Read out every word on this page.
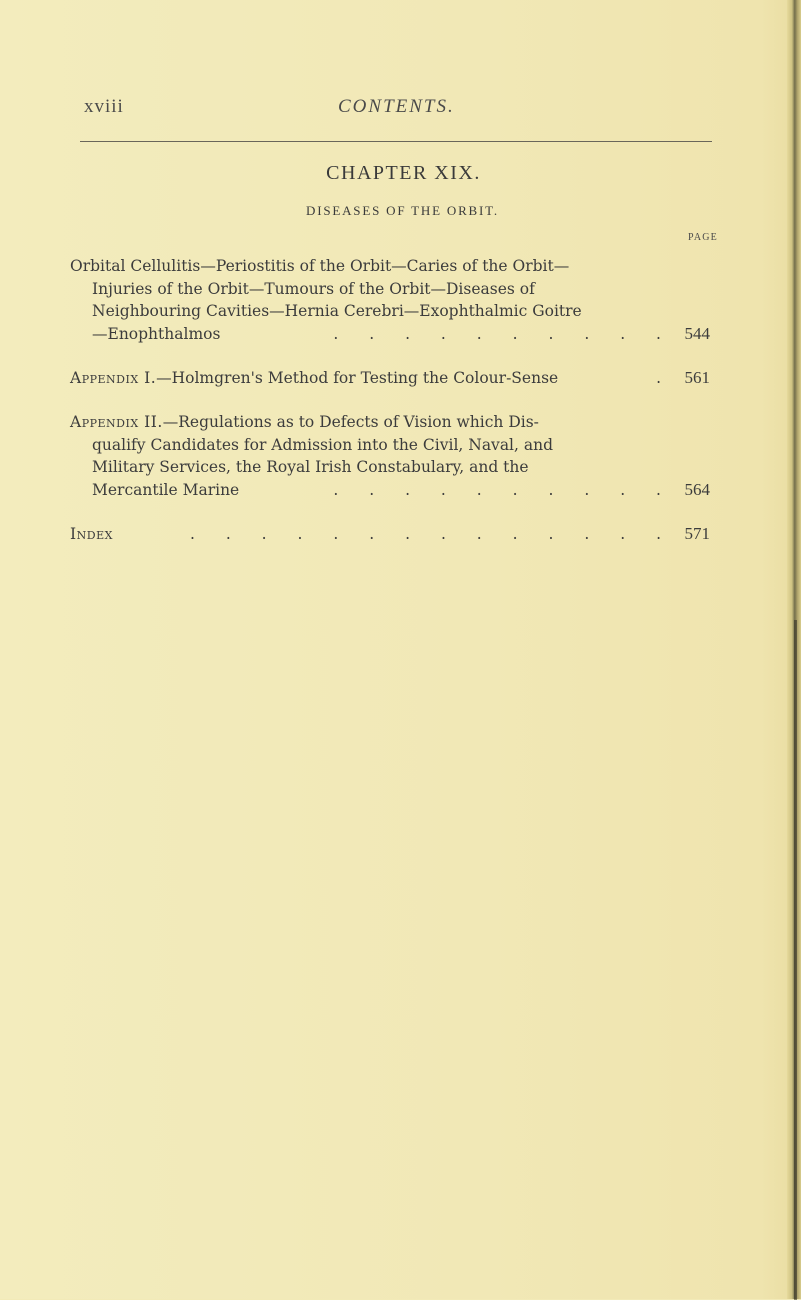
xviii	CONTENTS.
CHAPTER XIX.
DISEASES OF THE ORBIT.
PAGE
Orbital Cellulitis—Periostitis of the Orbit—Caries of the Orbit—
Injuries of the Orbit—Tumours of the Orbit—Diseases of
Neighbouring Cavities—Hernia Cerebri—Exophthalmic Goitre
—Enophthalmos	. . . . . . . . . . 544
Appendix I.—Holmgren's Method for Testing the Colour-Sense	. 561
Appendix II.—Regulations as to Defects of Vision which Dis-
qualify Candidates for Admission into the Civil, Naval, and
Military Services, the Royal Irish Constabulary, and the
Mercantile Marine	. . . . . . . . . . 564
Index	. . . . . . . . . . . . . . 571
